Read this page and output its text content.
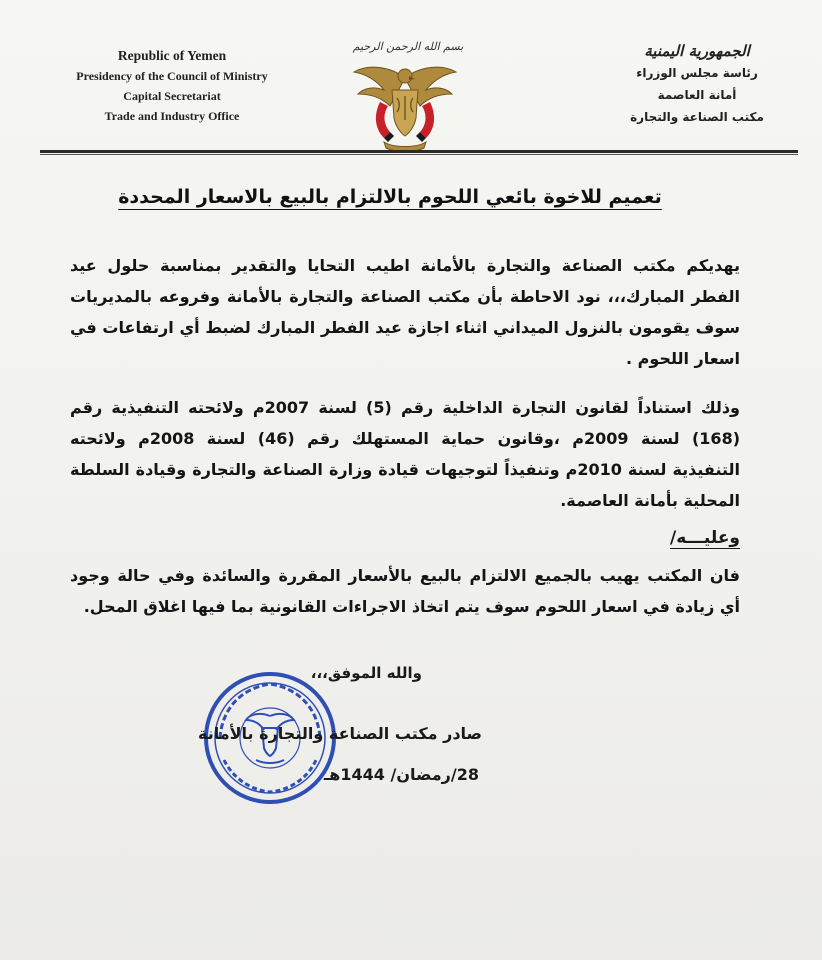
Republic of Yemen
Presidency of the Council of Ministry
Capital Secretariat
Trade and Industry Office
بسم الله الرحمن الرحيم	الجمهورية اليمنية
رئاسة مجلس الوزراء
أمانة العاصمة
مكتب الصناعة والتجارة
تعميم للاخوة بائعي اللحوم بالالتزام بالبيع بالاسعار المحددة
يهديكم مكتب الصناعة والتجارة بالأمانة اطيب التحايا والتقدير بمناسبة حلول عيد الفطر المبارك،،، نود الاحاطة بأن مكتب الصناعة والتجارة بالأمانة وفروعه بالمديريات سوف يقومون بالنزول الميداني اثناء اجازة عيد الفطر المبارك لضبط أي ارتفاعات في اسعار اللحوم .
وذلك استناداً لقانون التجارة الداخلية رقم (5) لسنة 2007م ولائحته التنفيذية رقم (168) لسنة 2009م ،وقانون حماية المستهلك رقم (46) لسنة 2008م ولائحته التنفيذية لسنة 2010م وتنفيذاً لتوجيهات قيادة وزارة الصناعة والتجارة وقيادة السلطة المحلية بأمانة العاصمة.
وعليـــه/
فان المكتب يهيب بالجميع الالتزام بالبيع بالأسعار المقررة والسائدة وفي حالة وجود أي زيادة في اسعار اللحوم سوف يتم اتخاذ الاجراءات القانونية بما فيها اغلاق المحل.
والله الموفق،،،
صادر مكتب الصناعة والتجارة بالأمانة
28/رمضان/ 1444هـ
